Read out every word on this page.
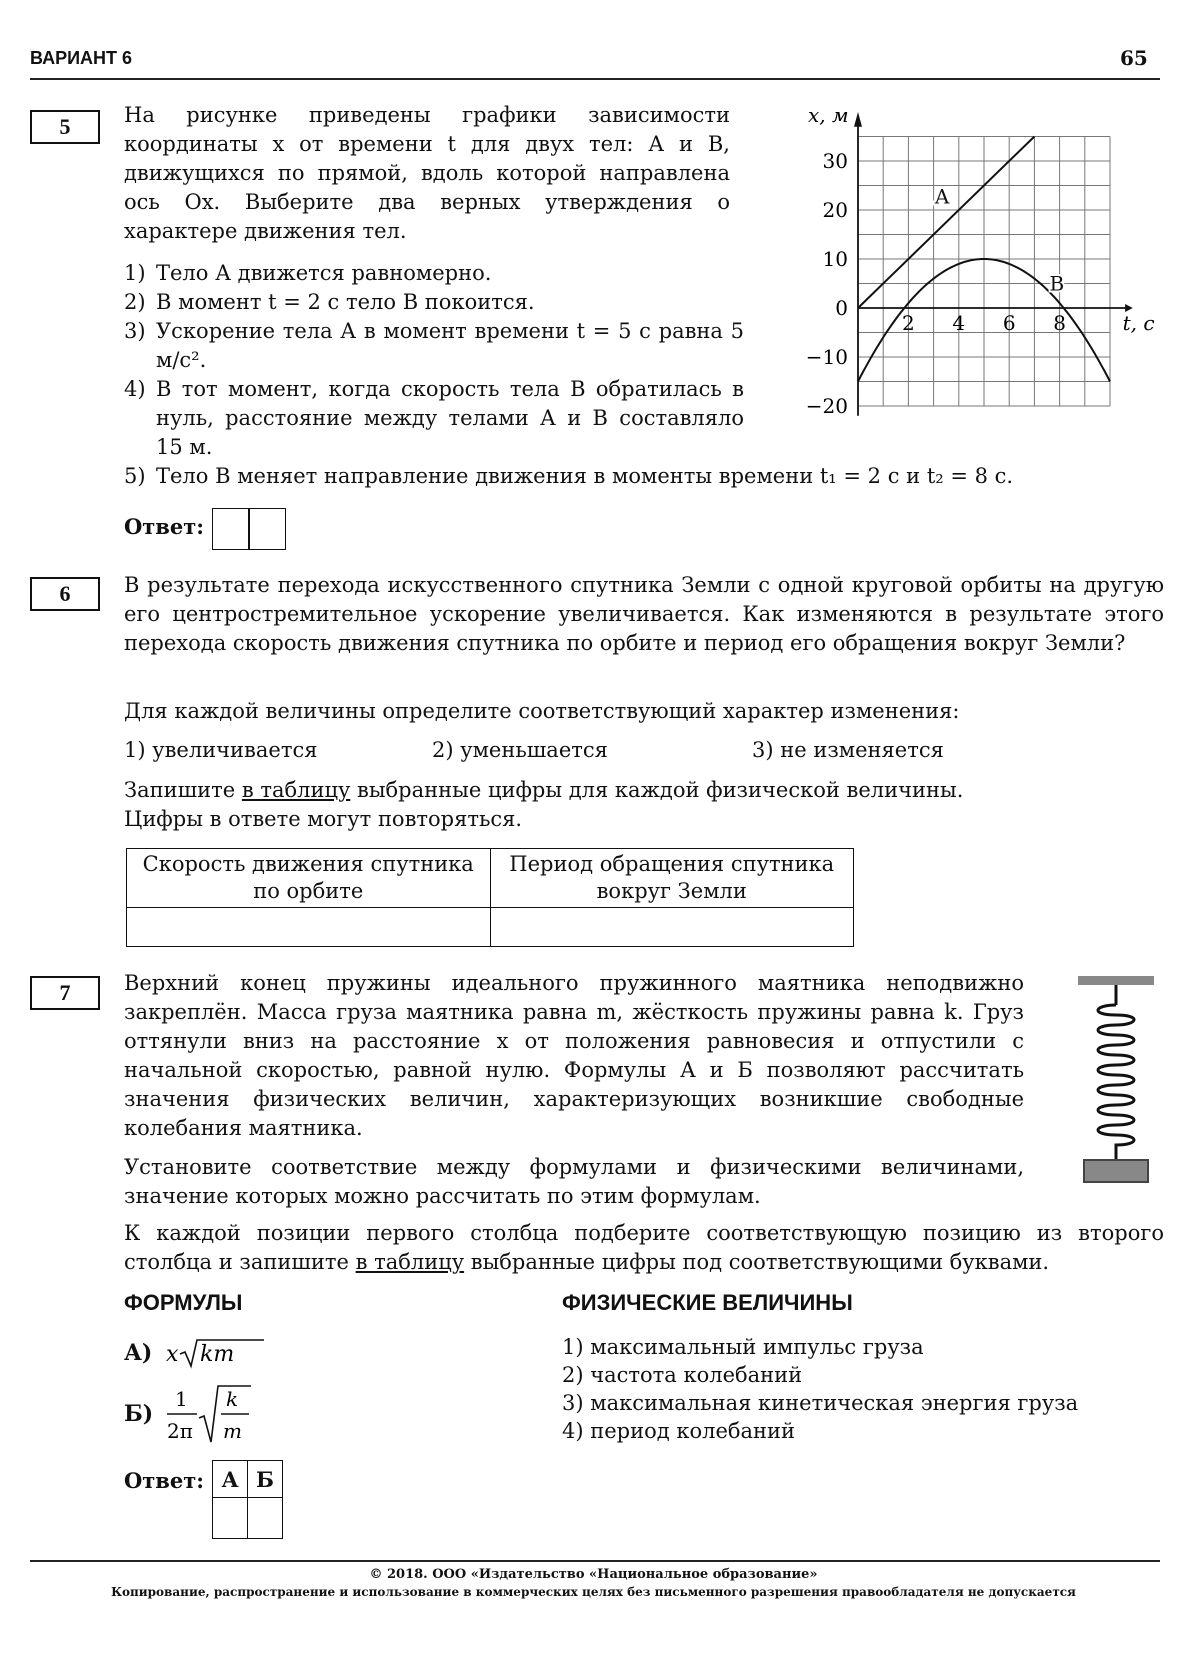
ВАРИАНТ 6	65
5	На рисунке приведены графики зависимости координаты x от времени t для двух тел: А и В, движущихся по прямой, вдоль которой направлена ось Ox. Выберите два верных утверждения о характере движения тел.
1) Тело А движется равномерно.
2) В момент t = 2 с тело В покоится.
3) Ускорение тела А в момент времени t = 5 с равна 5 м/с².
4) В тот момент, когда скорость тела В обратилась в нуль, расстояние между телами А и В составляло 15 м.
5) Тело В меняет направление движения в моменты времени t₁ = 2 с и t₂ = 8 с.
Ответ:
30
20
10
0
−10
−20
2 4 6 8
x, м
t, с
A
B
6	В результате перехода искусственного спутника Земли с одной круговой орбиты на другую его центростремительное ускорение увеличивается. Как изменяются в результате этого перехода скорость движения спутника по орбите и период его обращения вокруг Земли?
Для каждой величины определите соответствующий характер изменения:
1) увеличивается	2) уменьшается	3) не изменяется
Запишите в таблицу выбранные цифры для каждой физической величины.
Цифры в ответе могут повторяться.
Скорость движения спутника по орбите	Период обращения спутника вокруг Земли

7	Верхний конец пружины идеального пружинного маятника неподвижно закреплён. Масса груза маятника равна m, жёсткость пружины равна k. Груз оттянули вниз на расстояние x от положения равновесия и отпустили с начальной скоростью, равной нулю. Формулы А и Б позволяют рассчитать значения физических величин, характеризующих возникшие свободные колебания маятника.
Установите соответствие между формулами и физическими величинами, значение которых можно рассчитать по этим формулам.
К каждой позиции первого столбца подберите соответствующую позицию из второго столбца и запишите в таблицу выбранные цифры под соответствующими буквами.
ФОРМУЛЫ	ФИЗИЧЕСКИЕ ВЕЛИЧИНЫ
А) x km
Б)
1
2π
k
m
1) максимальный импульс груза
2) частота колебаний
3) максимальная кинетическая энергия груза
4) период колебаний
Ответ: А	Б

© 2018. ООО «Издательство «Национальное образование»
Копирование, распространение и использование в коммерческих целях без письменного разрешения правообладателя не допускается
